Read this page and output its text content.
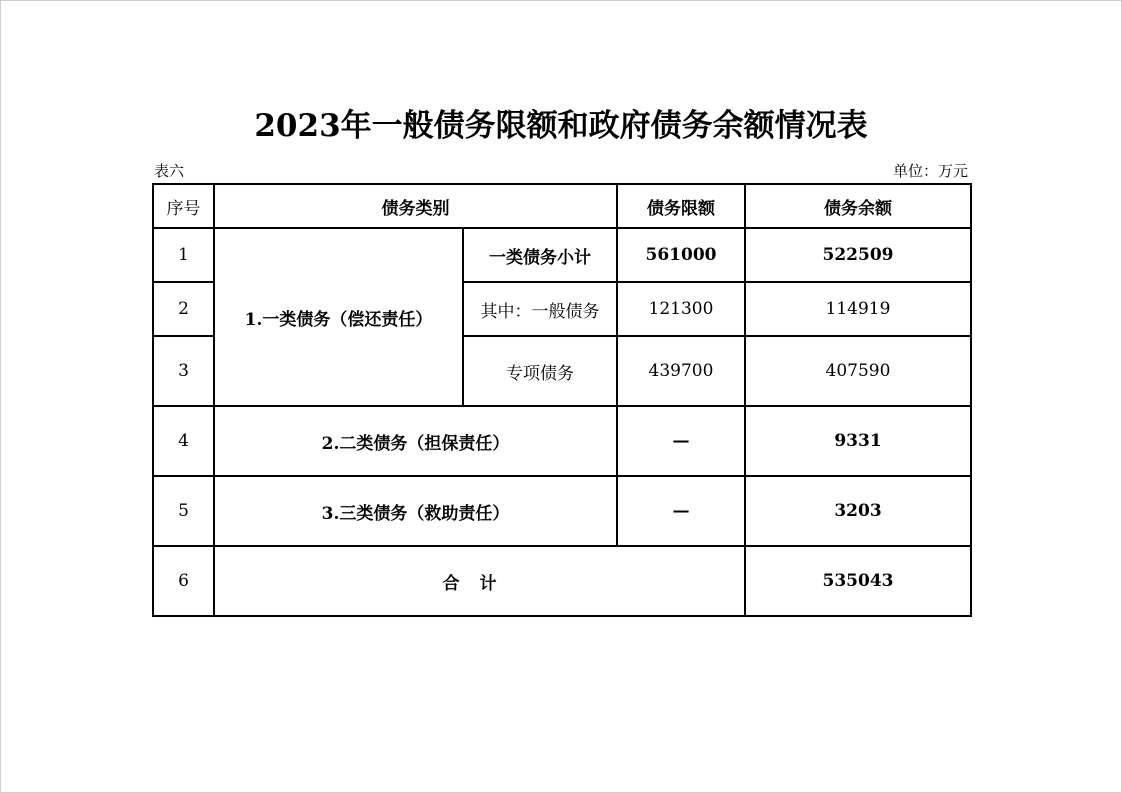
2023年一般债务限额和政府债务余额情况表
表六	单位：万元
序号	债务类别		债务限额	债务余额
1	1.一类债务（偿还责任）	一类债务小计	561000	522509
2		其中：一般债务	121300	114919
3		专项债务	439700	407590
4	2.二类债务（担保责任）		—	9331
5	3.三类债务（救助责任）		—	3203
6	合计			535043
